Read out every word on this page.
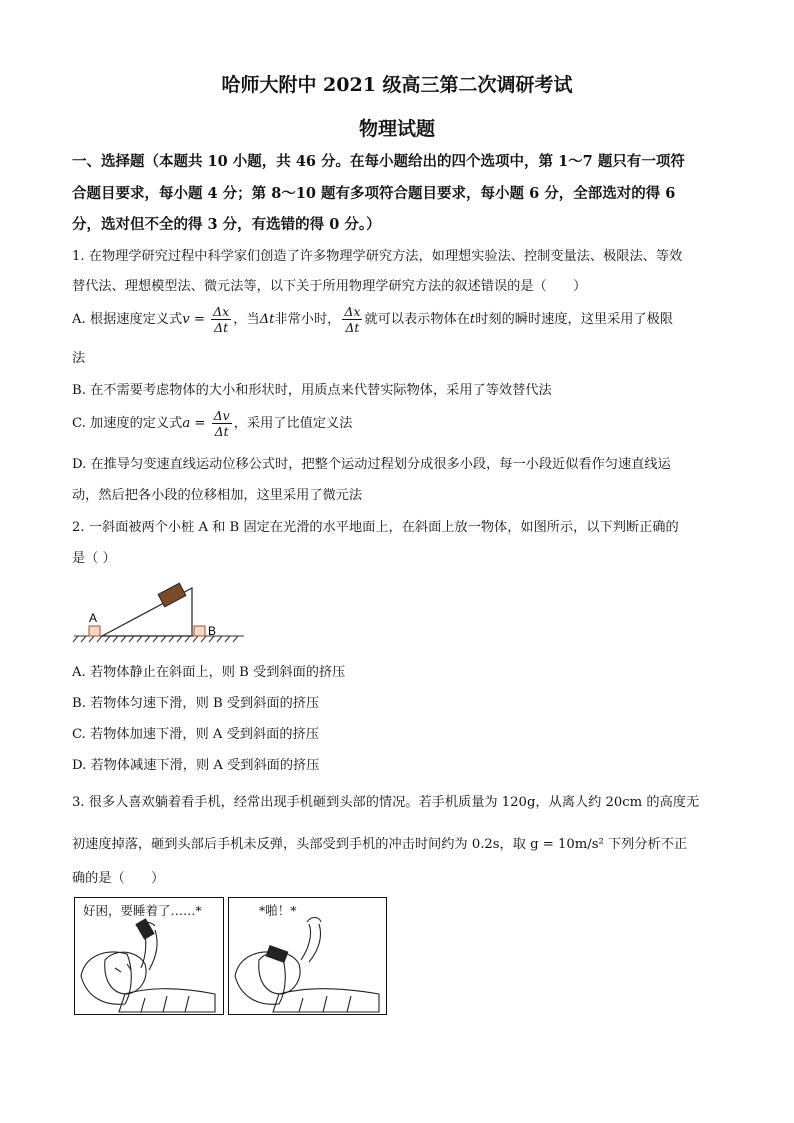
哈师大附中 2021 级高三第二次调研考试
物理试题
一、选择题（本题共 10 小题，共 46 分。在每小题给出的四个选项中，第 1～7 题只有一项符
合题目要求，每小题 4 分；第 8～10 题有多项符合题目要求，每小题 6 分，全部选对的得 6
分，选对但不全的得 3 分，有选错的得 0 分。）
1. 在物理学研究过程中科学家们创造了许多物理学研究方法，如理想实验法、控制变量法、极限法、等效
替代法、理想模型法、微元法等，以下关于所用物理学研究方法的叙述错误的是（　　）
A. 根据速度定义式$v = \frac{\Delta x}{\Delta t}$ ，当Δt非常小时， $\frac{\Delta x}{\Delta t}$ 就可以表示物体在t时刻的瞬时速度，这里采用了极限
法
B. 在不需要考虑物体的大小和形状时，用质点来代替实际物体，采用了等效替代法
C. 加速度的定义式$a = \frac{\Delta v}{\Delta t}$ ，采用了比值定义法
D. 在推导匀变速直线运动位移公式时，把整个运动过程划分成很多小段，每一小段近似看作匀速直线运
动，然后把各小段的位移相加，这里采用了微元法
2. 一斜面被两个小桩 A 和 B 固定在光滑的水平地面上，在斜面上放一物体，如图所示，以下判断正确的
是（ ）
A
B
A. 若物体静止在斜面上，则 B 受到斜面的挤压
B. 若物体匀速下滑，则 B 受到斜面的挤压
C. 若物体加速下滑，则 A 受到斜面的挤压
D. 若物体减速下滑，则 A 受到斜面的挤压
3. 很多人喜欢躺着看手机，经常出现手机砸到头部的情况。若手机质量为 120g，从离人约 20cm 的高度无
初速度掉落，砸到头部后手机未反弹，头部受到手机的冲击时间约为 0.2s，取 g = 10m/s² 下列分析不正
确的是（　　）
好困，要睡着了……*	*啪！*
